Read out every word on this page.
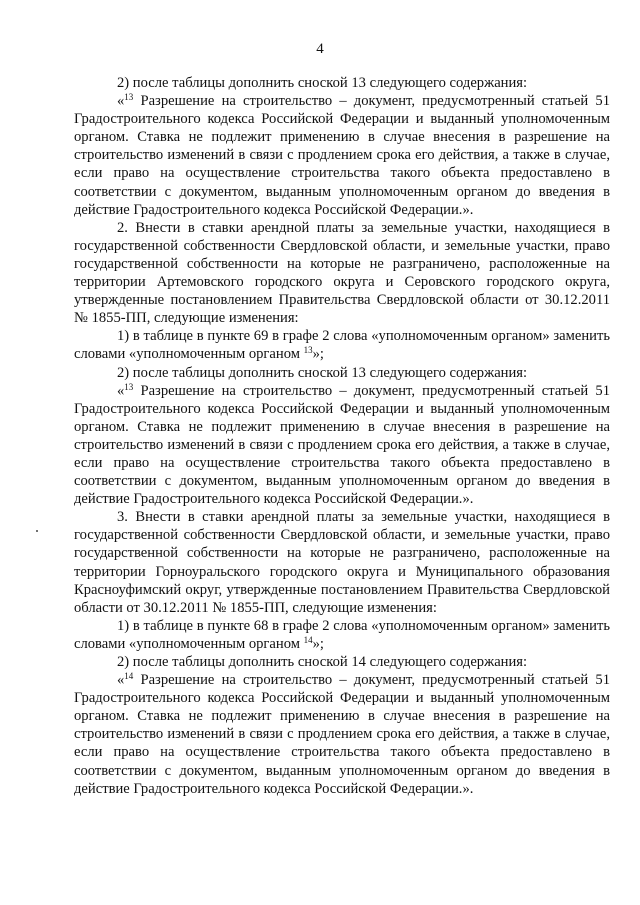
4

2) после таблицы дополнить сноской 13 следующего содержания:

«$^{13}$ Разрешение на строительство – документ, предусмотренный статьей 51 Градостроительного кодекса Российской Федерации и выданный уполномоченным органом. Ставка не подлежит применению в случае внесения в разрешение на строительство изменений в связи с продлением срока его действия, а также в случае, если право на осуществление строительства такого объекта предоставлено в соответствии с документом, выданным уполномоченным органом до введения в действие Градостроительного кодекса Российской Федерации.».

2. Внести в ставки арендной платы за земельные участки, находящиеся в государственной собственности Свердловской области, и земельные участки, право государственной собственности на которые не разграничено, расположенные на территории Артемовского городского округа и Серовского городского округа, утвержденные постановлением Правительства Свердловской области от 30.12.2011 № 1855-ПП, следующие изменения:

1) в таблице в пункте 69 в графе 2 слова «уполномоченным органом» заменить словами «уполномоченным органом $^{13}$»;

2) после таблицы дополнить сноской 13 следующего содержания:

«$^{13}$ Разрешение на строительство – документ, предусмотренный статьей 51 Градостроительного кодекса Российской Федерации и выданный уполномоченным органом. Ставка не подлежит применению в случае внесения в разрешение на строительство изменений в связи с продлением срока его действия, а также в случае, если право на осуществление строительства такого объекта предоставлено в соответствии с документом, выданным уполномоченным органом до введения в действие Градостроительного кодекса Российской Федерации.».

3. Внести в ставки арендной платы за земельные участки, находящиеся в государственной собственности Свердловской области, и земельные участки, право государственной собственности на которые не разграничено, расположенные на территории Горноуральского городского округа и Муниципального образования Красноуфимский округ, утвержденные постановлением Правительства Свердловской области от 30.12.2011 № 1855-ПП, следующие изменения:

1) в таблице в пункте 68 в графе 2 слова «уполномоченным органом» заменить словами «уполномоченным органом $^{14}$»;

2) после таблицы дополнить сноской 14 следующего содержания:

«$^{14}$ Разрешение на строительство – документ, предусмотренный статьей 51 Градостроительного кодекса Российской Федерации и выданный уполномоченным органом. Ставка не подлежит применению в случае внесения в разрешение на строительство изменений в связи с продлением срока его действия, а также в случае, если право на осуществление строительства такого объекта предоставлено в соответствии с документом, выданным уполномоченным органом до введения в действие Градостроительного кодекса Российской Федерации.».
